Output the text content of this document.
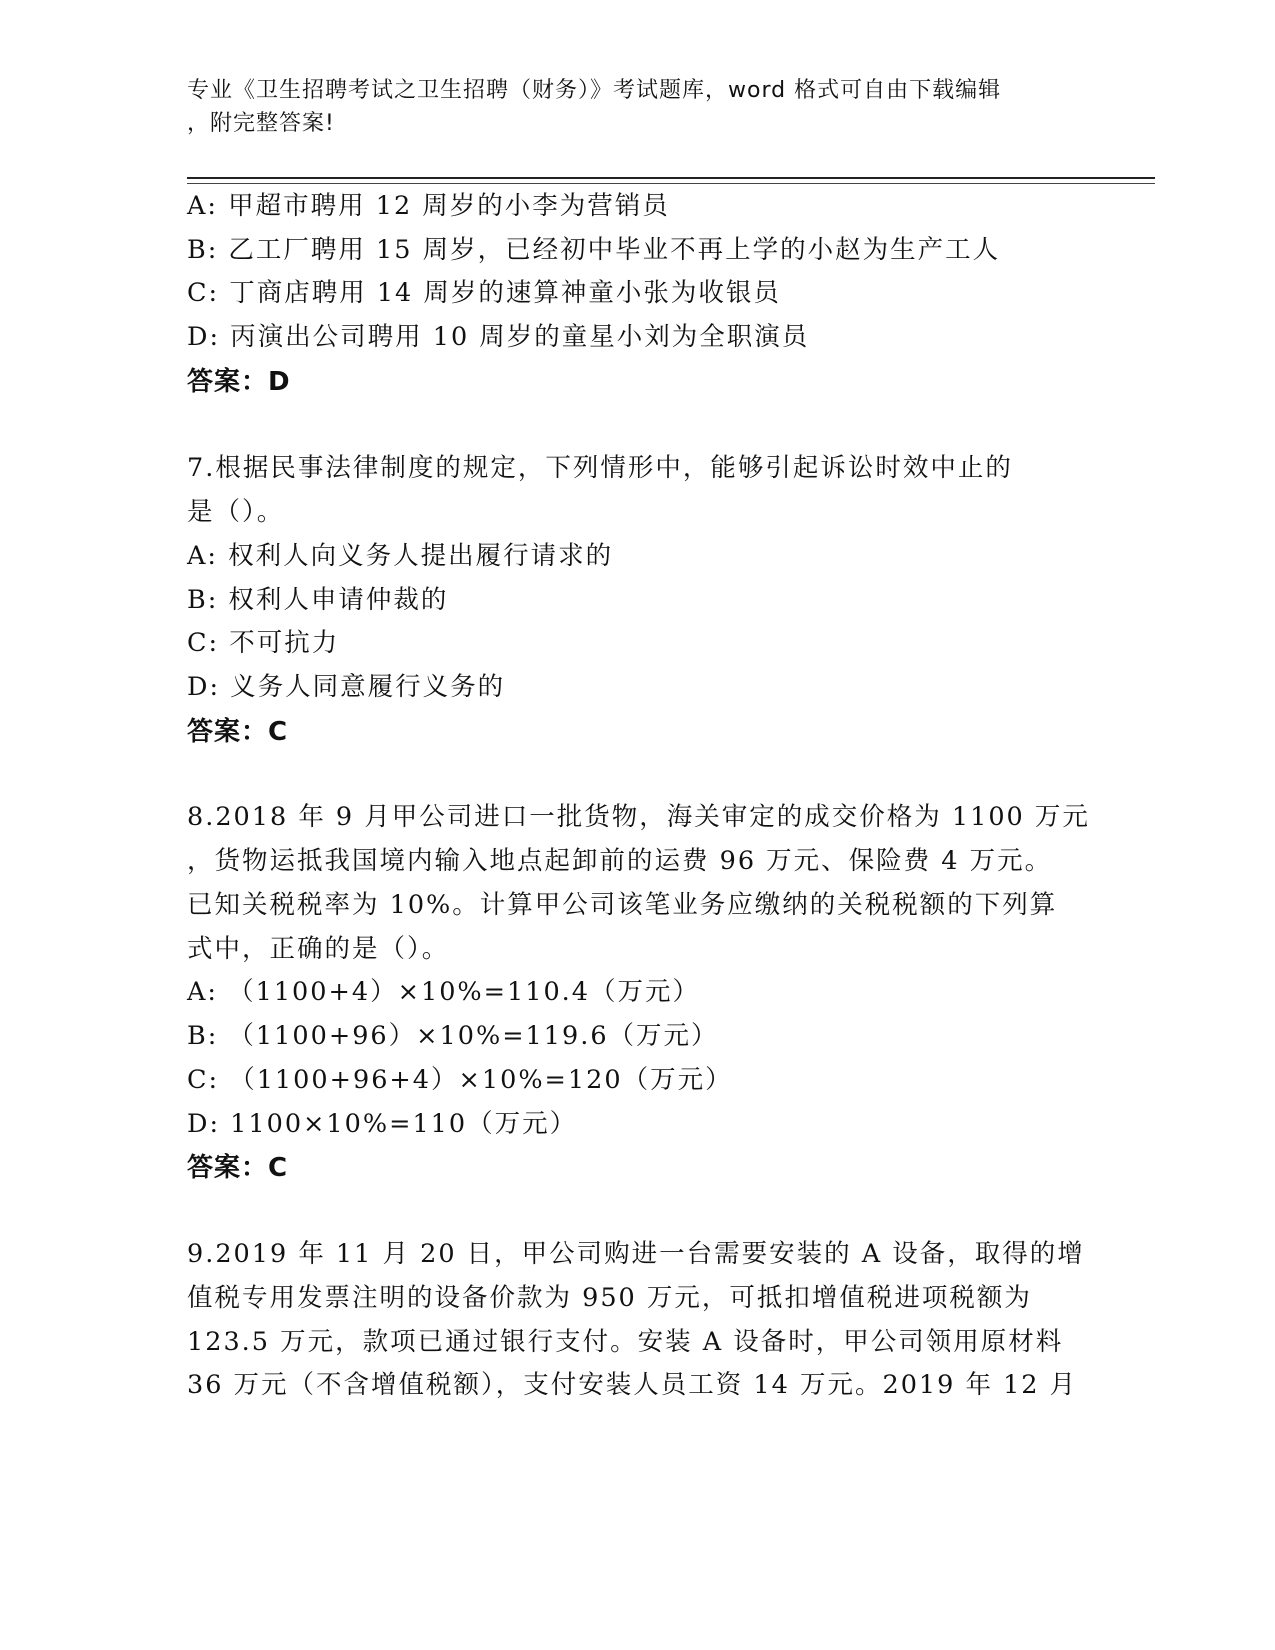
专业《卫生招聘考试之卫生招聘（财务）》考试题库，word 格式可自由下载编辑
，附完整答案!
A: 甲超市聘用 12 周岁的小李为营销员
B: 乙工厂聘用 15 周岁，已经初中毕业不再上学的小赵为生产工人
C: 丁商店聘用 14 周岁的速算神童小张为收银员
D: 丙演出公司聘用 10 周岁的童星小刘为全职演员
答案：D
7.根据民事法律制度的规定，下列情形中，能够引起诉讼时效中止的
是（）。
A: 权利人向义务人提出履行请求的
B: 权利人申请仲裁的
C: 不可抗力
D: 义务人同意履行义务的
答案：C
8.2018 年 9 月甲公司进口一批货物，海关审定的成交价格为 1100 万元
，货物运抵我国境内输入地点起卸前的运费 96 万元、保险费 4 万元。
已知关税税率为 10%。计算甲公司该笔业务应缴纳的关税税额的下列算
式中，正确的是（）。
A: （1100+4）×10%=110.4（万元）
B: （1100+96）×10%=119.6（万元）
C: （1100+96+4）×10%=120（万元）
D: 1100×10%=110（万元）
答案：C
9.2019 年 11 月 20 日，甲公司购进一台需要安装的 A 设备，取得的增
值税专用发票注明的设备价款为 950 万元，可抵扣增值税进项税额为
123.5 万元，款项已通过银行支付。安装 A 设备时，甲公司领用原材料
36 万元（不含增值税额），支付安装人员工资 14 万元。2019 年 12 月
